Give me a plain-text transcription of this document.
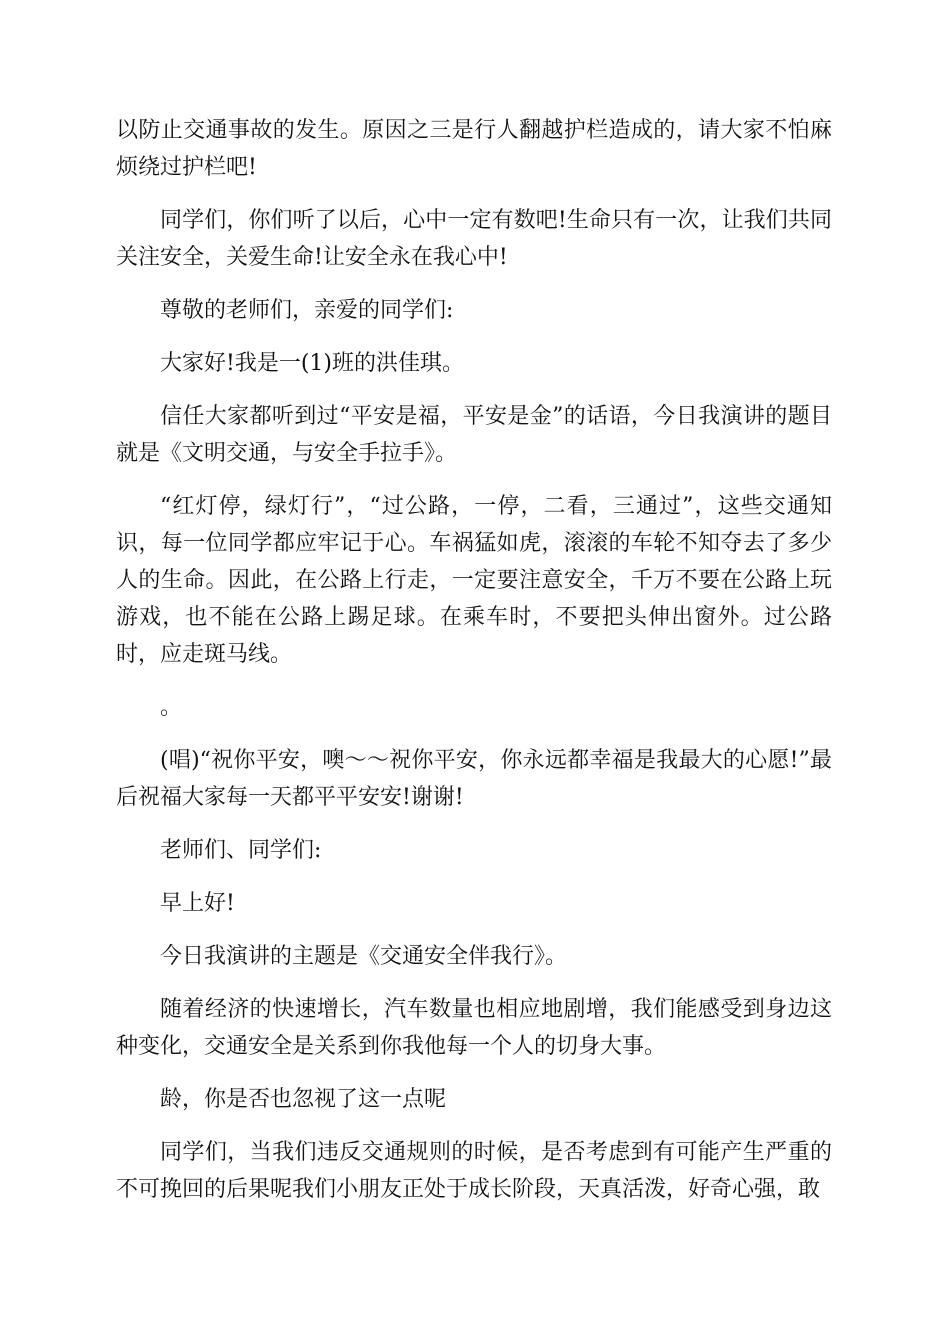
以防止交通事故的发生。原因之三是行人翻越护栏造成的，请大家不怕麻烦绕过护栏吧!

同学们，你们听了以后，心中一定有数吧!生命只有一次，让我们共同关注安全，关爱生命!让安全永在我心中!

尊敬的老师们，亲爱的同学们:

大家好!我是一(1)班的洪佳琪。

信任大家都听到过“平安是福，平安是金”的话语，今日我演讲的题目就是《文明交通，与安全手拉手》。

“红灯停，绿灯行”，“过公路，一停，二看，三通过”，这些交通知识，每一位同学都应牢记于心。车祸猛如虎，滚滚的车轮不知夺去了多少人的生命。因此，在公路上行走，一定要注意安全，千万不要在公路上玩游戏，也不能在公路上踢足球。在乘车时，不要把头伸出窗外。过公路时，应走斑马线。

。

(唱)“祝你平安，噢～～祝你平安，你永远都幸福是我最大的心愿!”最后祝福大家每一天都平平安安!谢谢!

老师们、同学们:

早上好!

今日我演讲的主题是《交通安全伴我行》。

随着经济的快速增长，汽车数量也相应地剧增，我们能感受到身边这种变化，交通安全是关系到你我他每一个人的切身大事。

龄，你是否也忽视了这一点呢

同学们，当我们违反交通规则的时候，是否考虑到有可能产生严重的不可挽回的后果呢我们小朋友正处于成长阶段，天真活泼，好奇心强，敢
